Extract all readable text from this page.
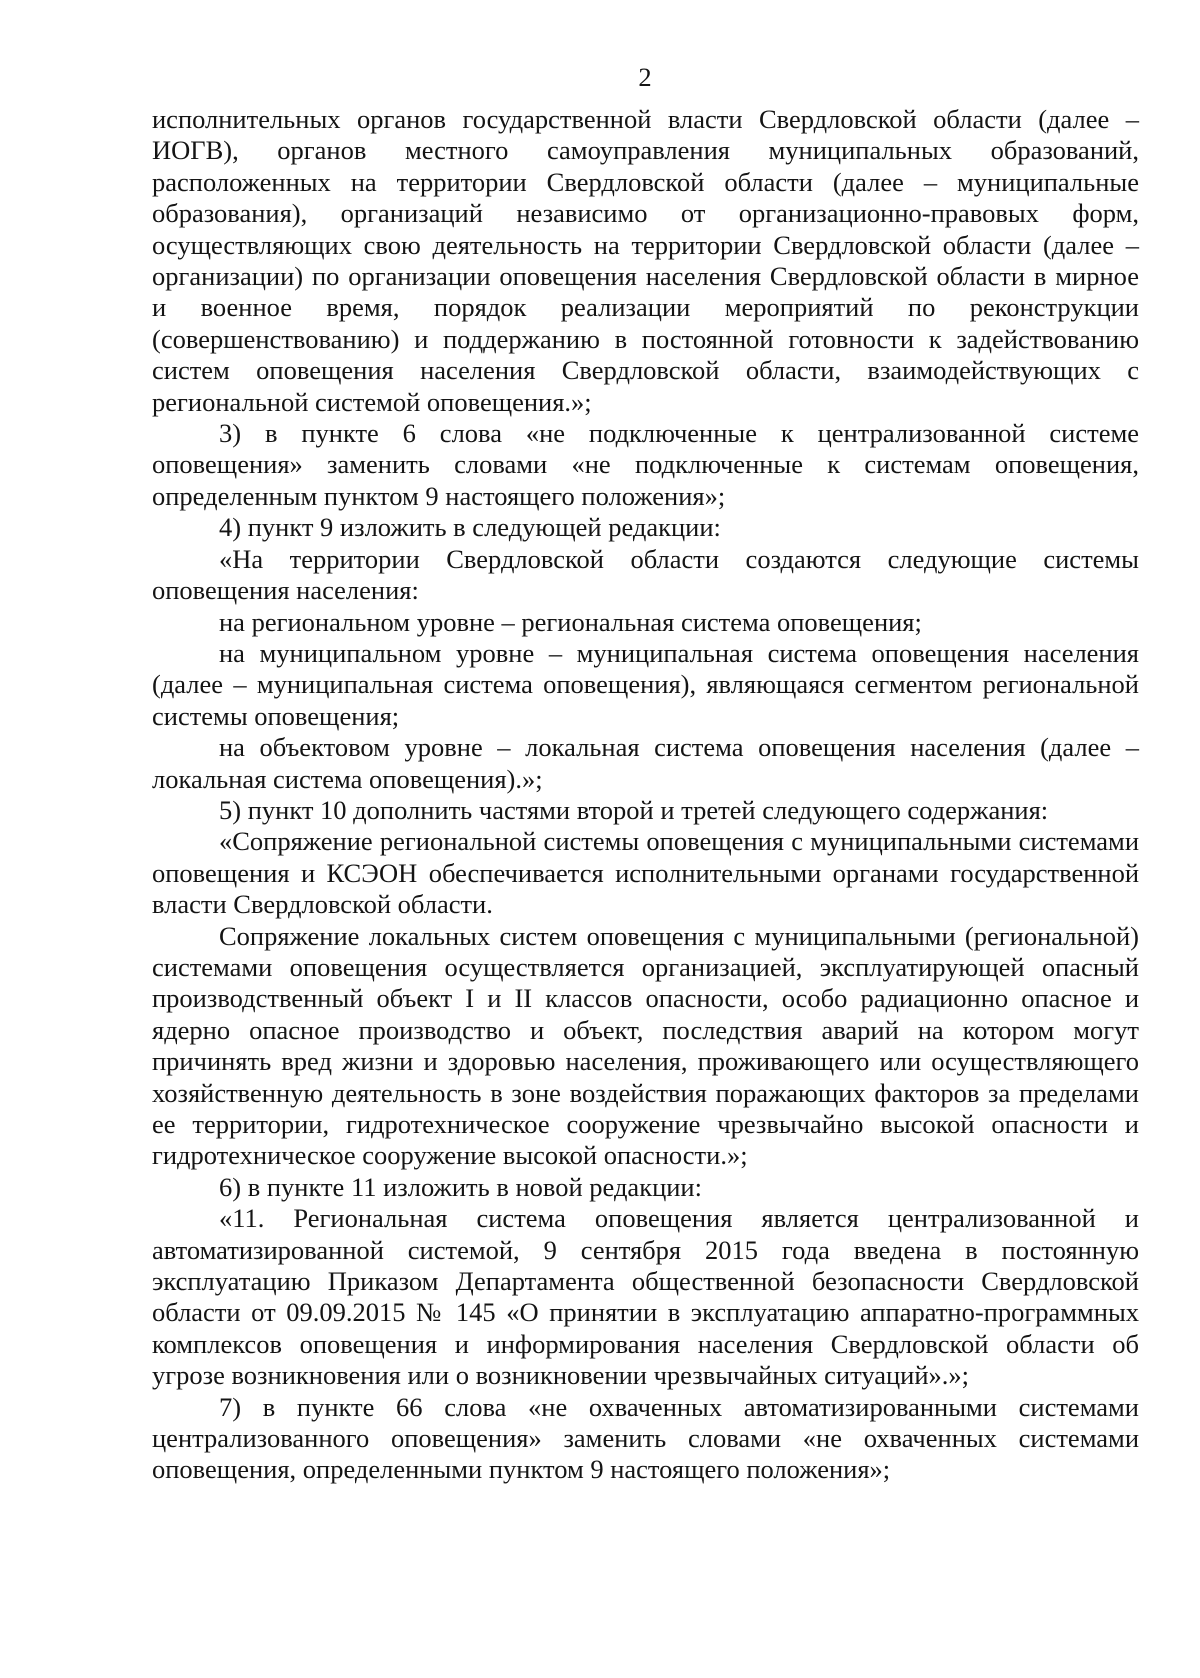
2

исполнительных органов государственной власти Свердловской области (далее – ИОГВ), органов местного самоуправления муниципальных образований, расположенных на территории Свердловской области (далее – муниципальные образования), организаций независимо от организационно-правовых форм, осуществляющих свою деятельность на территории Свердловской области (далее – организации) по организации оповещения населения Свердловской области в мирное и военное время, порядок реализации мероприятий по реконструкции (совершенствованию) и поддержанию в постоянной готовности к задействованию систем оповещения населения Свердловской области, взаимодействующих с региональной системой оповещения.»;

3) в пункте 6 слова «не подключенные к централизованной системе оповещения» заменить словами «не подключенные к системам оповещения, определенным пунктом 9 настоящего положения»;

4) пункт 9 изложить в следующей редакции:

«На территории Свердловской области создаются следующие системы оповещения населения:

на региональном уровне – региональная система оповещения;

на муниципальном уровне – муниципальная система оповещения населения (далее – муниципальная система оповещения), являющаяся сегментом региональной системы оповещения;

на объектовом уровне – локальная система оповещения населения (далее – локальная система оповещения).»;

5) пункт 10 дополнить частями второй и третей следующего содержания:

«Сопряжение региональной системы оповещения с муниципальными системами оповещения и КСЭОН обеспечивается исполнительными органами государственной власти Свердловской области.

Сопряжение локальных систем оповещения с муниципальными (региональной) системами оповещения осуществляется организацией, эксплуатирующей опасный производственный объект I и II классов опасности, особо радиационно опасное и ядерно опасное производство и объект, последствия аварий на котором могут причинять вред жизни и здоровью населения, проживающего или осуществляющего хозяйственную деятельность в зоне воздействия поражающих факторов за пределами ее территории, гидротехническое сооружение чрезвычайно высокой опасности и гидротехническое сооружение высокой опасности.»;

6) в пункте 11 изложить в новой редакции:

«11. Региональная система оповещения является централизованной и автоматизированной системой, 9 сентября 2015 года введена в постоянную эксплуатацию Приказом Департамента общественной безопасности Свердловской области от 09.09.2015 № 145 «О принятии в эксплуатацию аппаратно-программных комплексов оповещения и информирования населения Свердловской области об угрозе возникновения или о возникновении чрезвычайных ситуаций».»;

7) в пункте 66 слова «не охваченных автоматизированными системами централизованного оповещения» заменить словами «не охваченных системами оповещения, определенными пунктом 9 настоящего положения»;
